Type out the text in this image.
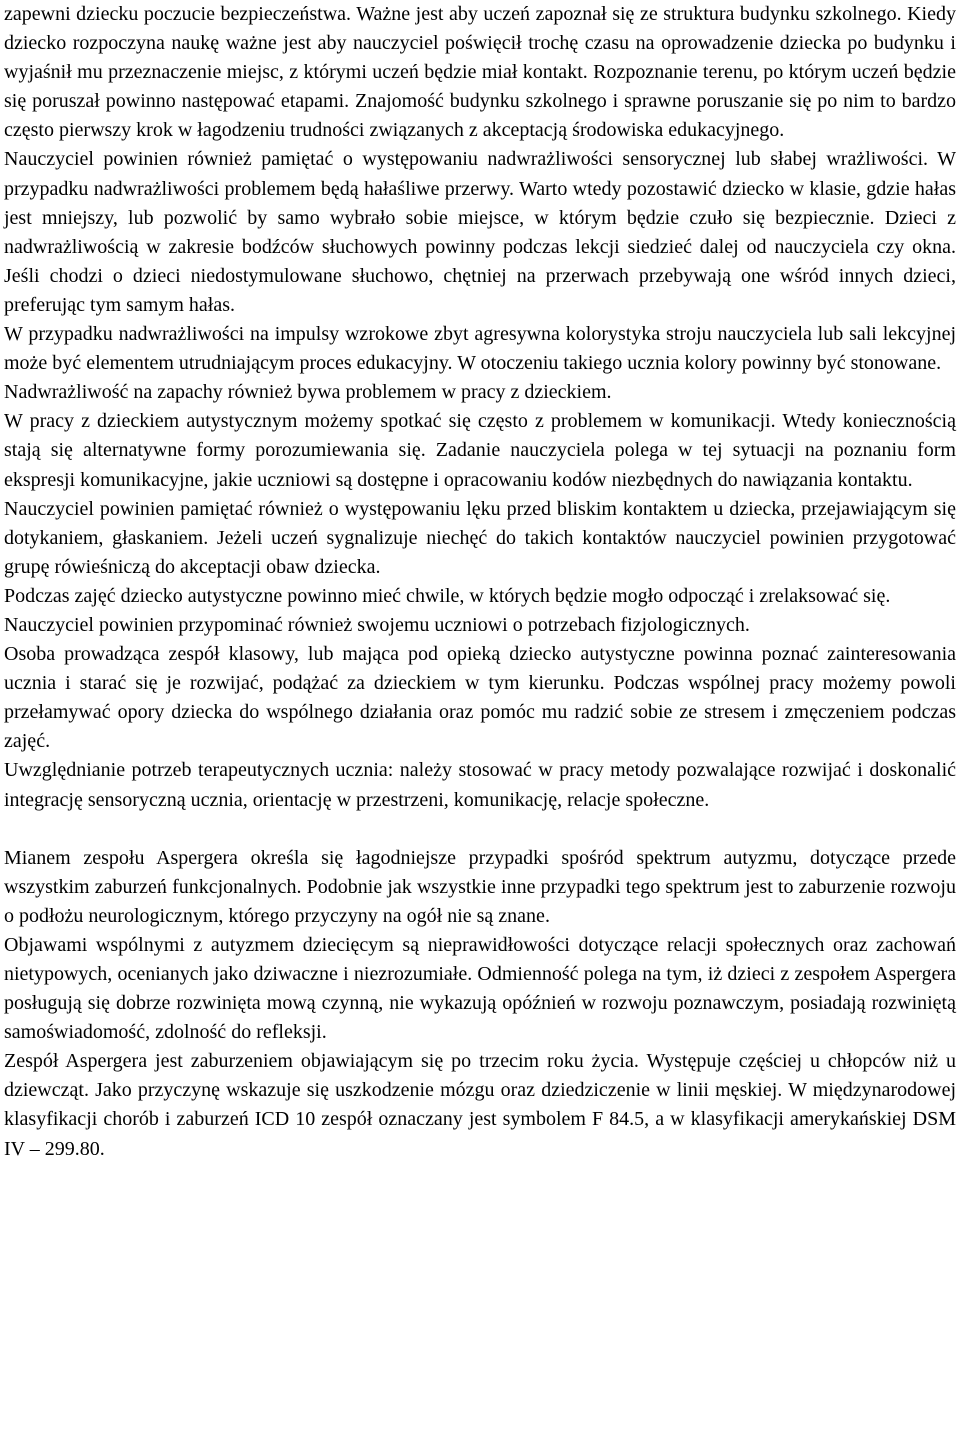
zapewni dziecku poczucie bezpieczeństwa. Ważne jest aby uczeń zapoznał się ze struktura budynku szkolnego. Kiedy dziecko rozpoczyna naukę ważne jest aby nauczyciel poświęcił trochę czasu na oprowadzenie dziecka po budynku i wyjaśnił mu przeznaczenie miejsc, z którymi uczeń będzie miał kontakt. Rozpoznanie terenu, po którym uczeń będzie się poruszał powinno następować etapami. Znajomość budynku szkolnego i sprawne poruszanie się po nim to bardzo często pierwszy krok w łagodzeniu trudności związanych z akceptacją środowiska edukacyjnego.

Nauczyciel powinien również pamiętać o występowaniu nadwrażliwości sensorycznej lub słabej wrażliwości. W przypadku nadwrażliwości problemem będą hałaśliwe przerwy. Warto wtedy pozostawić dziecko w klasie, gdzie hałas jest mniejszy, lub pozwolić by samo wybrało sobie miejsce, w którym będzie czuło się bezpiecznie. Dzieci z nadwrażliwością w zakresie bodźców słuchowych powinny podczas lekcji siedzieć dalej od nauczyciela czy okna. Jeśli chodzi o dzieci niedostymulowane słuchowo, chętniej na przerwach przebywają one wśród innych dzieci, preferując tym samym hałas.

W przypadku nadwrażliwości na impulsy wzrokowe zbyt agresywna kolorystyka stroju nauczyciela lub sali lekcyjnej może być elementem utrudniającym proces edukacyjny. W otoczeniu takiego ucznia kolory powinny być stonowane.

Nadwrażliwość na zapachy również bywa problemem w pracy z dzieckiem.

W pracy z dzieckiem autystycznym możemy spotkać się często z problemem w komunikacji. Wtedy koniecznością stają się alternatywne formy porozumiewania się. Zadanie nauczyciela polega w tej sytuacji na poznaniu form ekspresji komunikacyjne, jakie uczniowi są dostępne i opracowaniu kodów niezbędnych do nawiązania kontaktu.

Nauczyciel powinien pamiętać również o występowaniu lęku przed bliskim kontaktem u dziecka, przejawiającym się dotykaniem, głaskaniem. Jeżeli uczeń sygnalizuje niechęć do takich kontaktów nauczyciel powinien przygotować grupę rówieśniczą do akceptacji obaw dziecka.

Podczas zajęć dziecko autystyczne powinno mieć chwile, w których będzie mogło odpocząć i zrelaksować się.

Nauczyciel powinien przypominać również swojemu uczniowi o potrzebach fizjologicznych.

Osoba prowadząca zespół klasowy, lub mająca pod opieką dziecko autystyczne powinna poznać zainteresowania ucznia i starać się je rozwijać, podążać za dzieckiem w tym kierunku. Podczas wspólnej pracy możemy powoli przełamywać opory dziecka do wspólnego działania oraz pomóc mu radzić sobie ze stresem i zmęczeniem podczas zajęć.

Uwzględnianie potrzeb terapeutycznych ucznia: należy stosować w pracy metody pozwalające rozwijać i doskonalić integrację sensoryczną ucznia, orientację w przestrzeni, komunikację, relacje społeczne.

Mianem zespołu Aspergera określa się łagodniejsze przypadki spośród spektrum autyzmu, dotyczące przede wszystkim zaburzeń funkcjonalnych. Podobnie jak wszystkie inne przypadki tego spektrum jest to zaburzenie rozwoju o podłożu neurologicznym, którego przyczyny na ogół nie są znane.

Objawami wspólnymi z autyzmem dziecięcym są nieprawidłowości dotyczące relacji społecznych oraz zachowań nietypowych, ocenianych jako dziwaczne i niezrozumiałe. Odmienność polega na tym, iż dzieci z zespołem Aspergera posługują się dobrze rozwinięta mową czynną, nie wykazują opóźnień w rozwoju poznawczym, posiadają rozwiniętą samoświadomość, zdolność do refleksji.

Zespół Aspergera jest zaburzeniem objawiającym się po trzecim roku życia. Występuje częściej u chłopców niż u dziewcząt. Jako przyczynę wskazuje się uszkodzenie mózgu oraz dziedziczenie w linii męskiej. W międzynarodowej klasyfikacji chorób i zaburzeń ICD 10 zespół oznaczany jest symbolem F 84.5, a w klasyfikacji amerykańskiej DSM IV – 299.80.
